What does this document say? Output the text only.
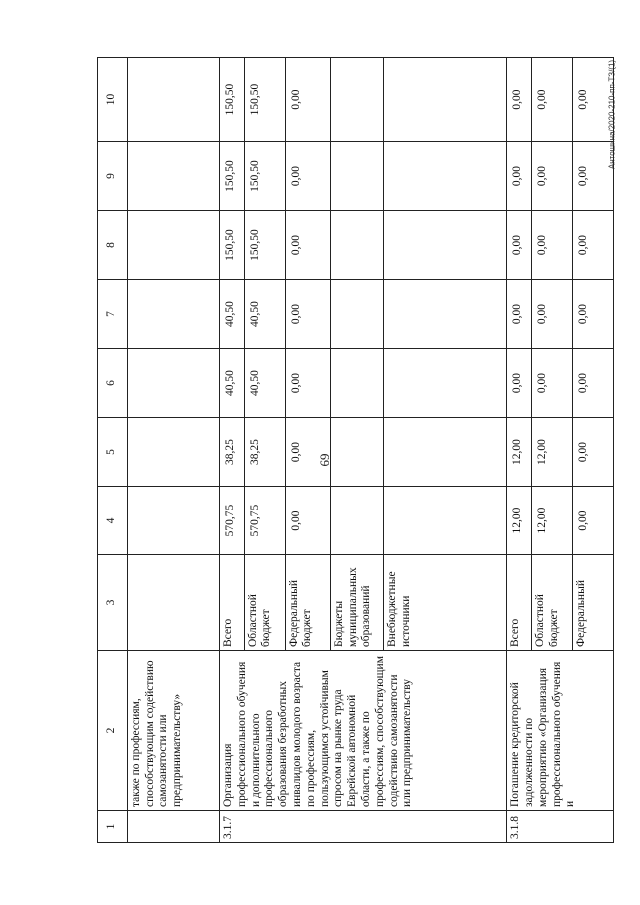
69
Антошина/2020-210-пп-ТЗ/(1)
1	2	3	4	5	6	7	8	9	10
	также по профессиям, способствующим содействию самозанятости или предпринимательству»								
3.1.7	Организация профессионального обучения и дополнительного профессионального образования безработных инвалидов молодого возраста по профессиям, пользующимся устойчивым спросом на рынке труда Еврейской автономной области, а также по профессиям, способствующим содействию самозанятости или предпринимательству	Всего	570,75	38,25	40,50	40,50	150,50	150,50	150,50
		Областной бюджет	570,75	38,25	40,50	40,50	150,50	150,50	150,50
		Федеральный бюджет	0,00	0,00	0,00	0,00	0,00	0,00	0,00
		Бюджеты муниципальных образований							
		Внебюджетные источники							
3.1.8	Погашение кредиторской задолженности по мероприятию «Организация профессионального обучения и	Всего	12,00	12,00	0,00	0,00	0,00	0,00	0,00
		Областной бюджет	12,00	12,00	0,00	0,00	0,00	0,00	0,00
		Федеральный	0,00	0,00	0,00	0,00	0,00	0,00	0,00
